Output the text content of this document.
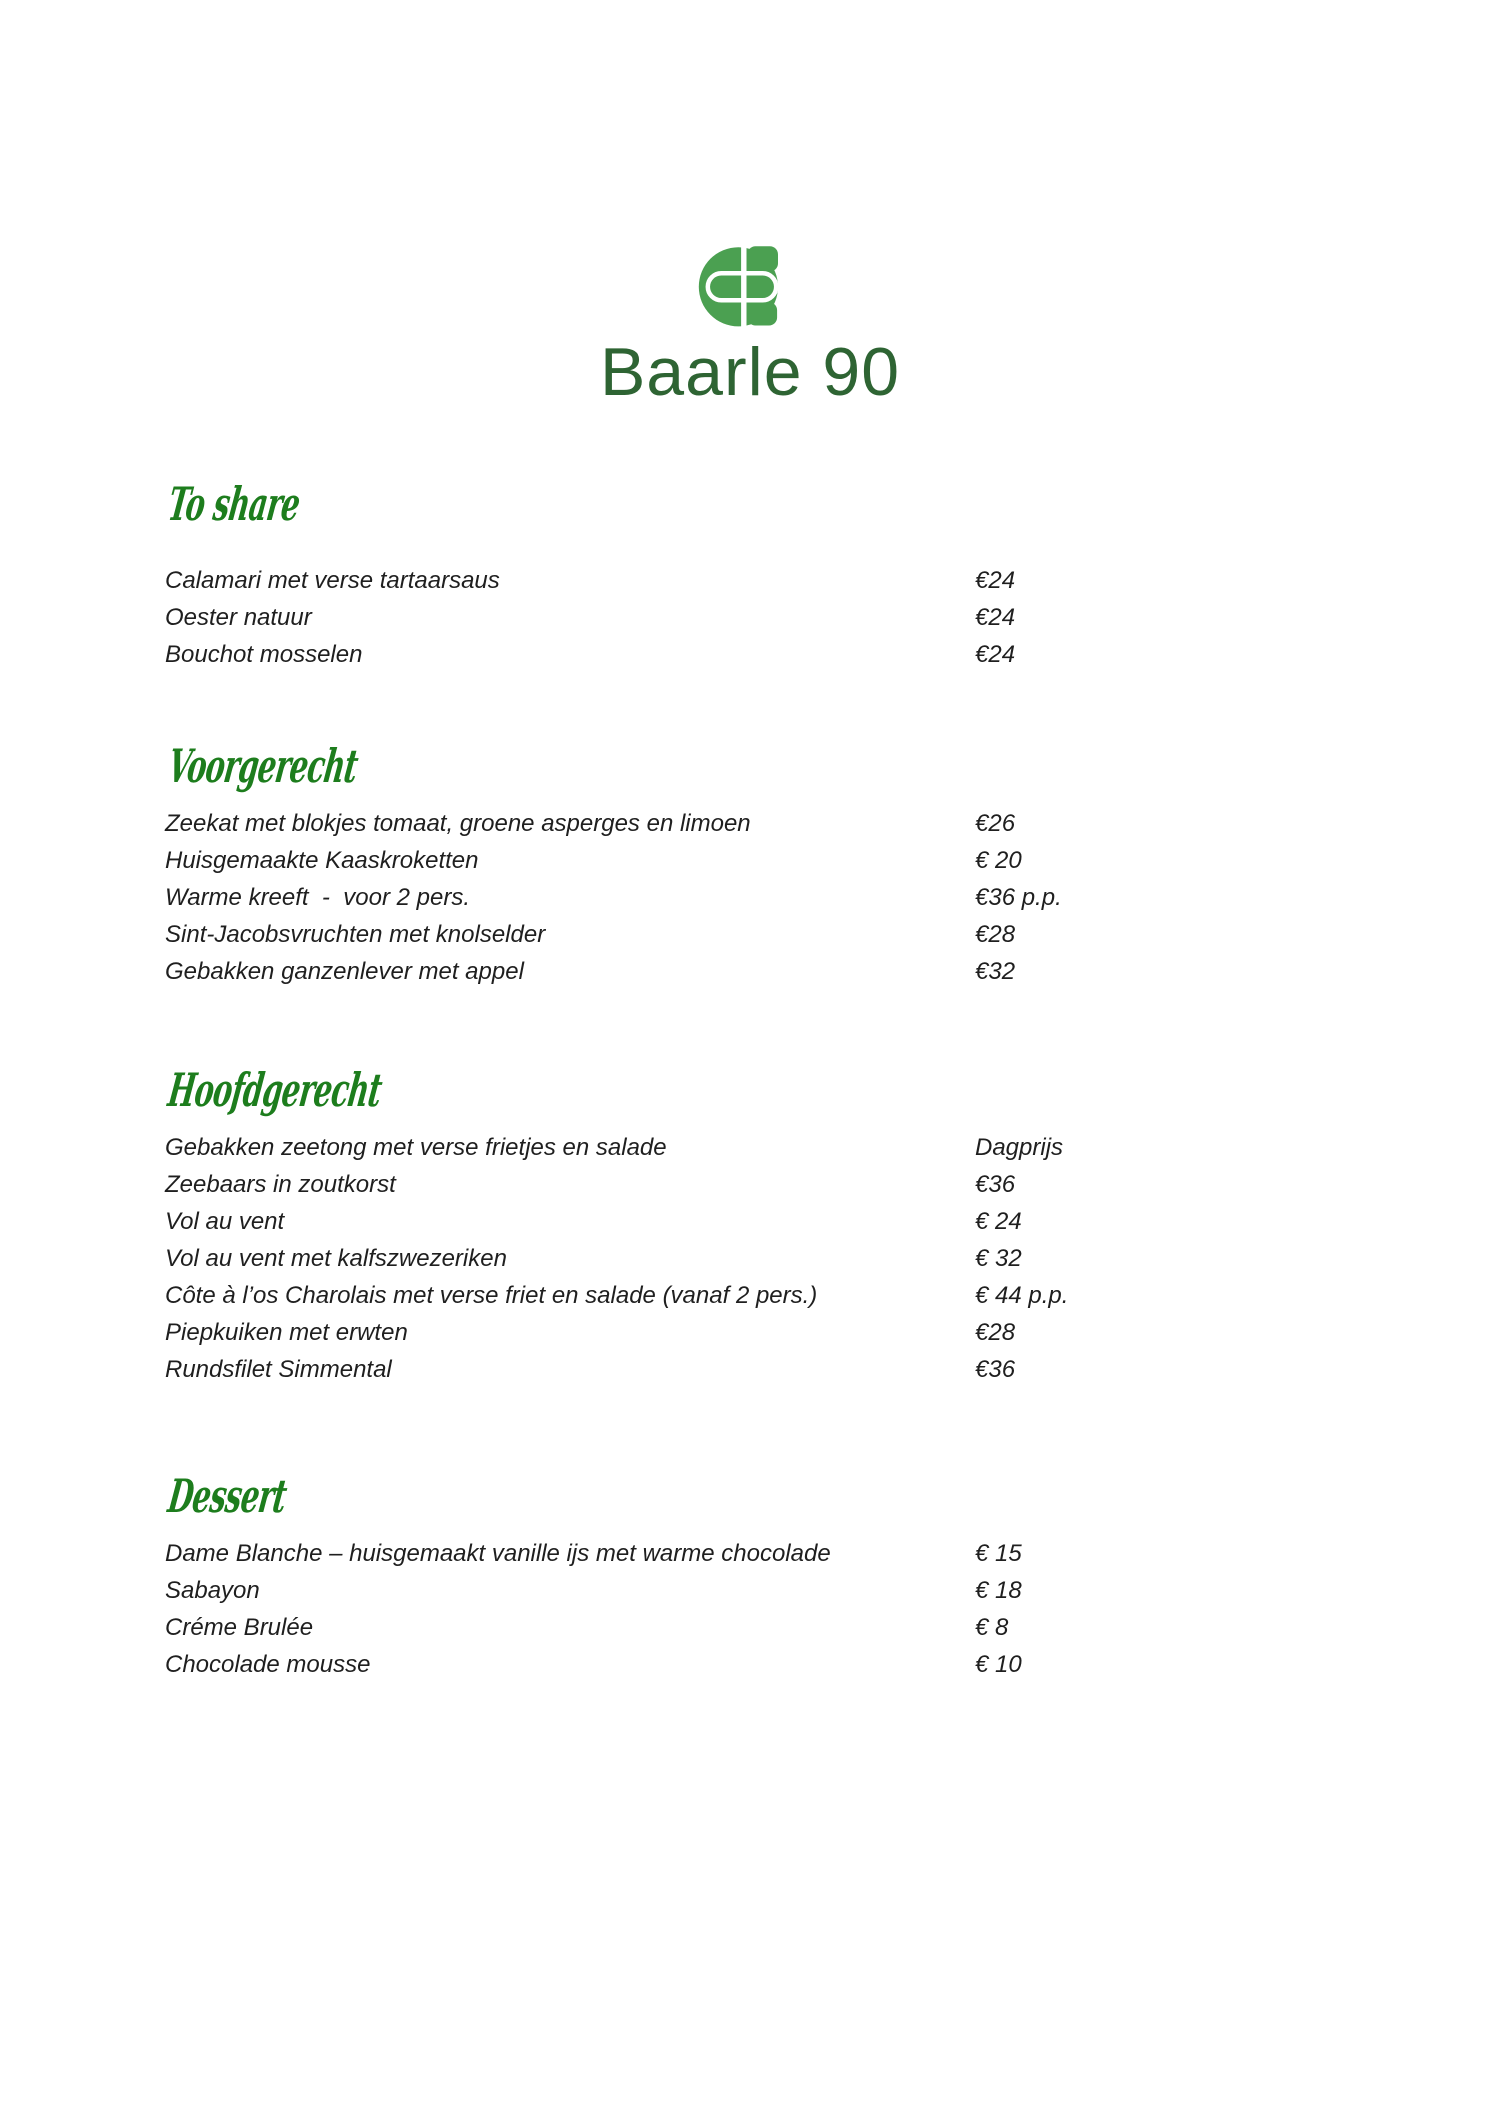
Baarle 90
To share
Calamari met verse tartaarsaus	€24
Oester natuur	€24
Bouchot mosselen	€24
Voorgerecht
Zeekat met blokjes tomaat, groene asperges en limoen	€26
Huisgemaakte Kaaskroketten	€ 20
Warme kreeft  -  voor 2 pers.	€36 p.p.
Sint-Jacobsvruchten met knolselder	€28
Gebakken ganzenlever met appel	€32
Hoofdgerecht
Gebakken zeetong met verse frietjes en salade	Dagprijs
Zeebaars in zoutkorst	€36
Vol au vent	€ 24
Vol au vent met kalfszwezeriken	€ 32
Côte à l’os Charolais met verse friet en salade (vanaf 2 pers.)	€ 44 p.p.
Piepkuiken met erwten	€28
Rundsfilet Simmental	€36
Dessert
Dame Blanche – huisgemaakt vanille ijs met warme chocolade	€ 15
Sabayon	€ 18
Créme Brulée	€ 8
Chocolade mousse	€ 10
